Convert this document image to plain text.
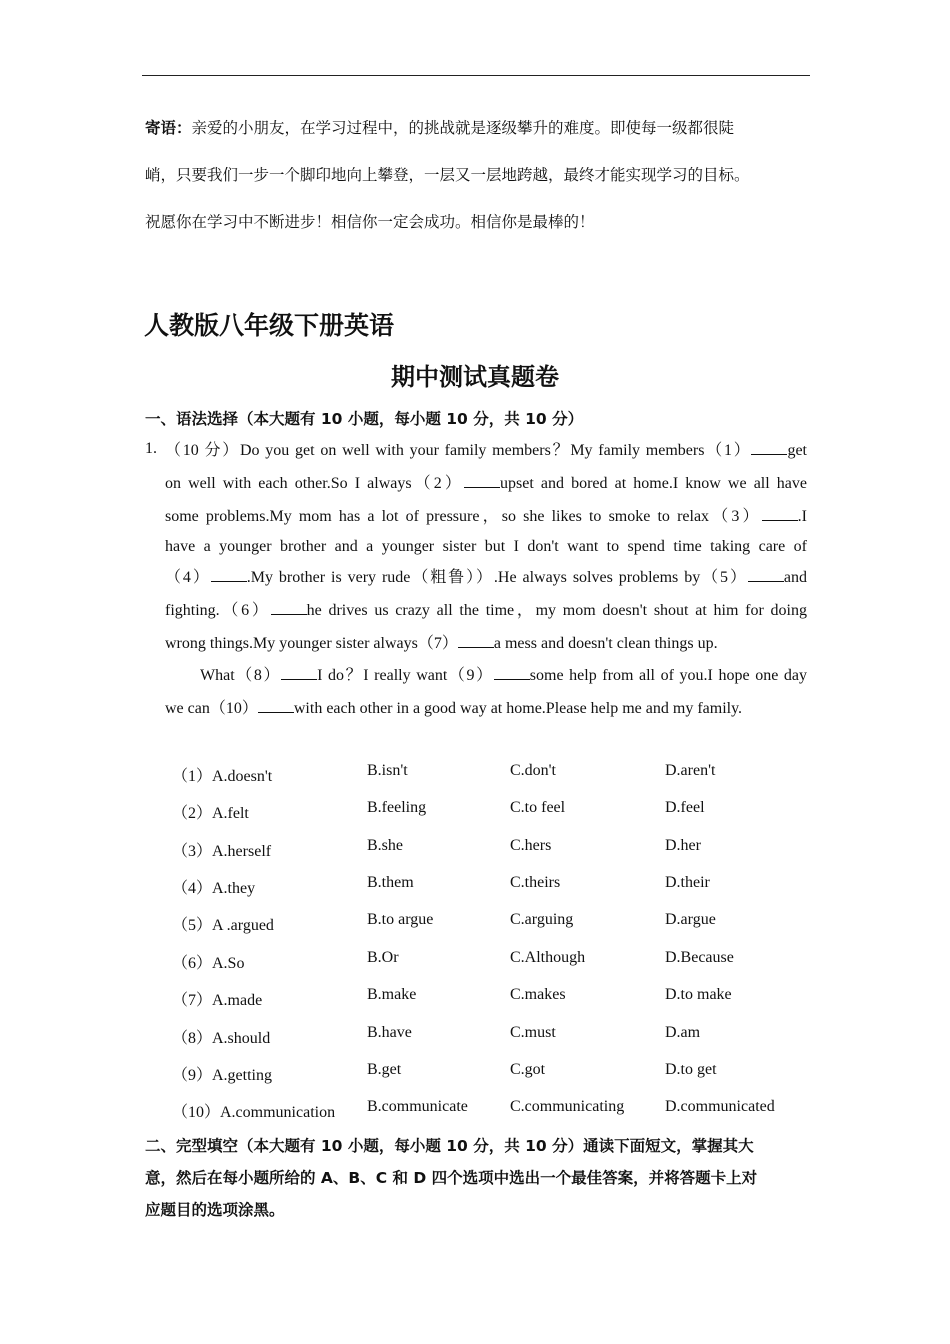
寄语：亲爱的小朋友，在学习过程中，的挑战就是逐级攀升的难度。即使每一级都很陡
峭，只要我们一步一个脚印地向上攀登，一层又一层地跨越，最终才能实现学习的目标。
祝愿你在学习中不断进步！相信你一定会成功。相信你是最棒的！
人教版八年级下册英语
期中测试真题卷
一、语法选择（本大题有 10 小题，每小题 10 分，共 10 分）
1. （10 分）Do you get on well with your family members？My family members（1） get
on well with each other.So I always（2） upset and bored at home.I know we all have
some problems.My mom has a lot of pressure，so she likes to smoke to relax（3） .I
have a younger brother and a younger sister but I don't want to spend time taking care of
（4） .My brother is very rude（粗鲁））.He always solves problems by（5） and
fighting.（6） he drives us crazy all the time，my mom doesn't shout at him for doing
wrong things.My younger sister always（7） a mess and doesn't clean things up.
What（8） I do？I really want（9） some help from all of you.I hope one day
we can（10） with each other in a good way at home.Please help me and my family.
（1）A.doesn't	B.isn't	C.don't	D.aren't
（2）A.felt	B.feeling	C.to feel	D.feel
（3）A.herself	B.she	C.hers	D.her
（4）A.they	B.them	C.theirs	D.their
（5）A .argued	B.to argue	C.arguing	D.argue
（6）A.So	B.Or	C.Although	D.Because
（7）A.made	B.make	C.makes	D.to make
（8）A.should	B.have	C.must	D.am
（9）A.getting	B.get	C.got	D.to get
（10）A.communication B.communicate	C.communicating	D.communicated
二、完型填空（本大题有 10 小题，每小题 10 分，共 10 分）通读下面短文，掌握其大
意，然后在每小题所给的 A、B、C 和 D 四个选项中选出一个最佳答案，并将答题卡上对
应题目的选项涂黑。
